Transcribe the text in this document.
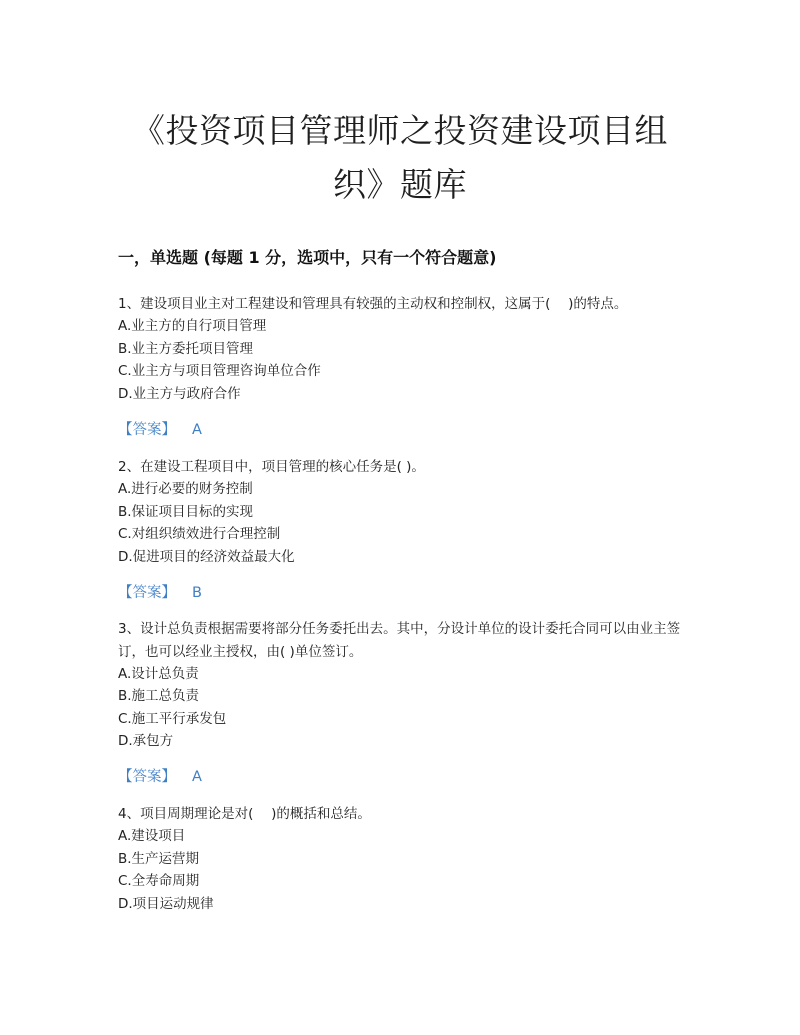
《投资项目管理师之投资建设项目组
织》题库
一，单选题 (每题 1 分，选项中，只有一个符合题意)
1、建设项目业主对工程建设和管理具有较强的主动权和控制权，这属于(　 )的特点。
A.业主方的自行项目管理
B.业主方委托项目管理
C.业主方与项目管理咨询单位合作
D.业主方与政府合作
【答案】 A
2、在建设工程项目中，项目管理的核心任务是( )。
A.进行必要的财务控制
B.保证项目目标的实现
C.对组织绩效进行合理控制
D.促进项目的经济效益最大化
【答案】 B
3、设计总负责根据需要将部分任务委托出去。其中，分设计单位的设计委托合同可以由业主签订，也可以经业主授权，由( )单位签订。
A.设计总负责
B.施工总负责
C.施工平行承发包
D.承包方
【答案】 A
4、项目周期理论是对(　 )的概括和总结。
A.建设项目
B.生产运营期
C.全寿命周期
D.项目运动规律
